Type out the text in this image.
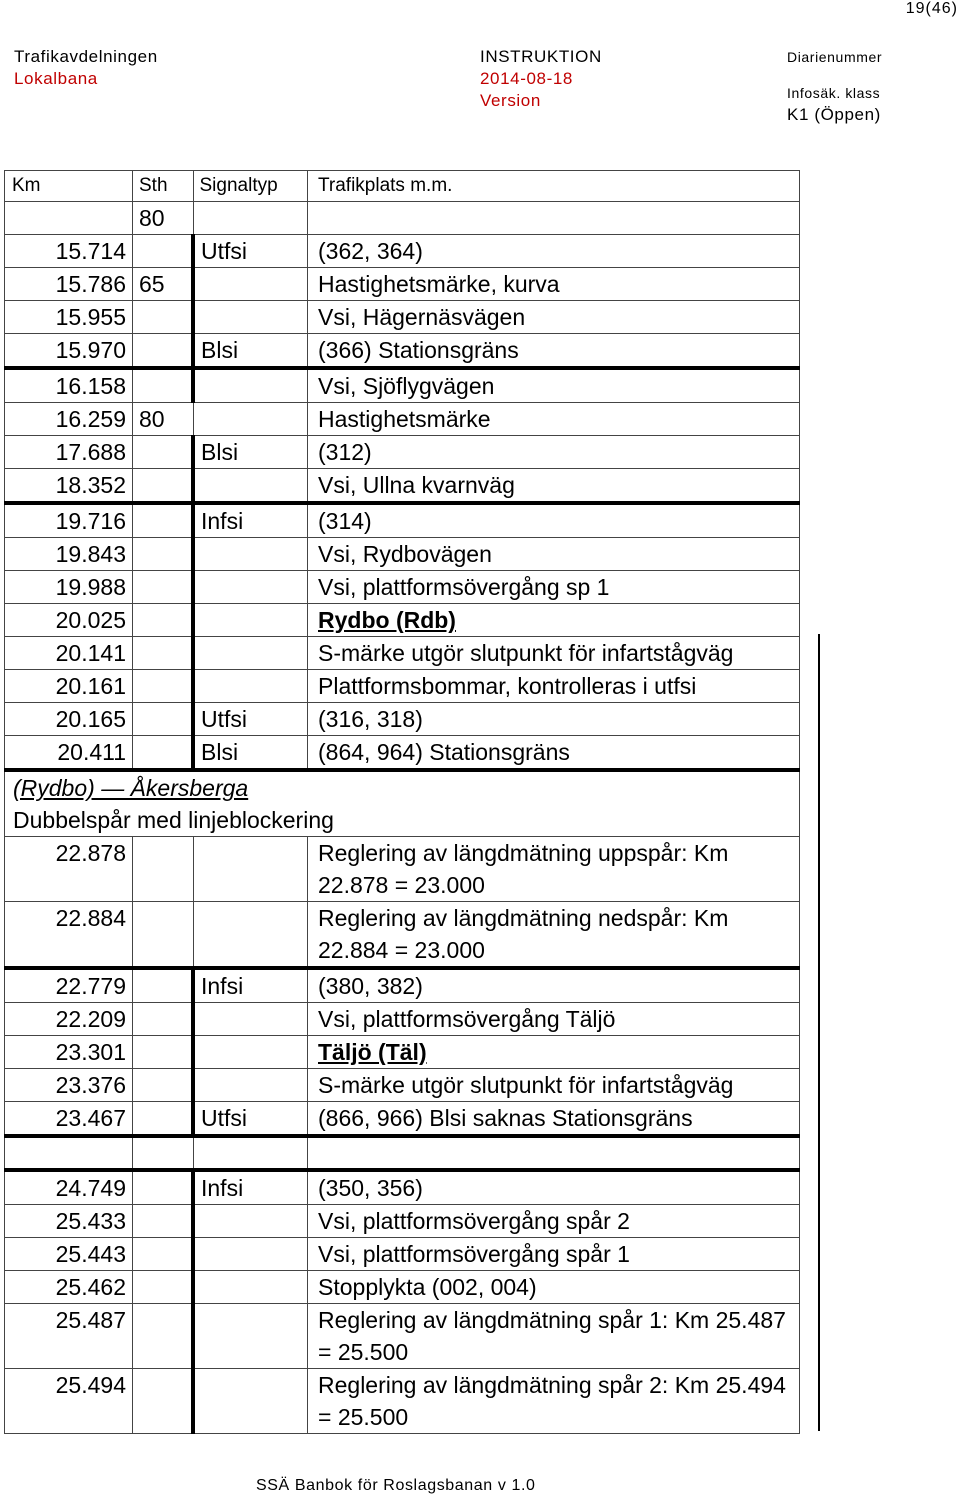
19(46)
Trafikavdelningen
Lokalbana
INSTRUKTION
2014-08-18
Version
Diarienummer
Infosäk. klass
K1 (Öppen)
Km	Sth	Signaltyp	Trafikplats m.m.
	80		
15.714		Utfsi	(362, 364)
15.786	65		Hastighetsmärke, kurva
15.955			Vsi, Hägernäsvägen
15.970		Blsi	(366) Stationsgräns
16.158			Vsi, Sjöflygvägen
16.259	80		Hastighetsmärke
17.688		Blsi	(312)
18.352			Vsi, Ullna kvarnväg
19.716		Infsi	(314)
19.843			Vsi, Rydbovägen
19.988			Vsi, plattformsövergång sp 1
20.025			Rydbo (Rdb)
20.141			S-märke utgör slutpunkt för infartstågväg
20.161			Plattformsbommar, kontrolleras i utfsi
20.165		Utfsi	(316, 318)
20.411		Blsi	(864, 964) Stationsgräns

(Rydbo) — Åkersberga
Dubbelspår med linjeblockering			

22.878			Reglering av längdmätning uppspår: Km 22.878 = 23.000
22.884			Reglering av längdmätning nedspår: Km 22.884 = 23.000
22.779		Infsi	(380, 382)
22.209			Vsi, plattformsövergång Täljö
23.301			Täljö (Täl)
23.376			S-märke utgör slutpunkt för infartstågväg
23.467		Utfsi	(866, 966) Blsi saknas Stationsgräns

24.749		Infsi	(350, 356)
25.433			Vsi, plattformsövergång spår 2
25.443			Vsi, plattformsövergång spår 1
25.462			Stopplykta (002, 004)
25.487			Reglering av längdmätning spår 1: Km 25.487 = 25.500
25.494			Reglering av längdmätning spår 2: Km 25.494 = 25.500
SSÄ Banbok för Roslagsbanan v 1.0
